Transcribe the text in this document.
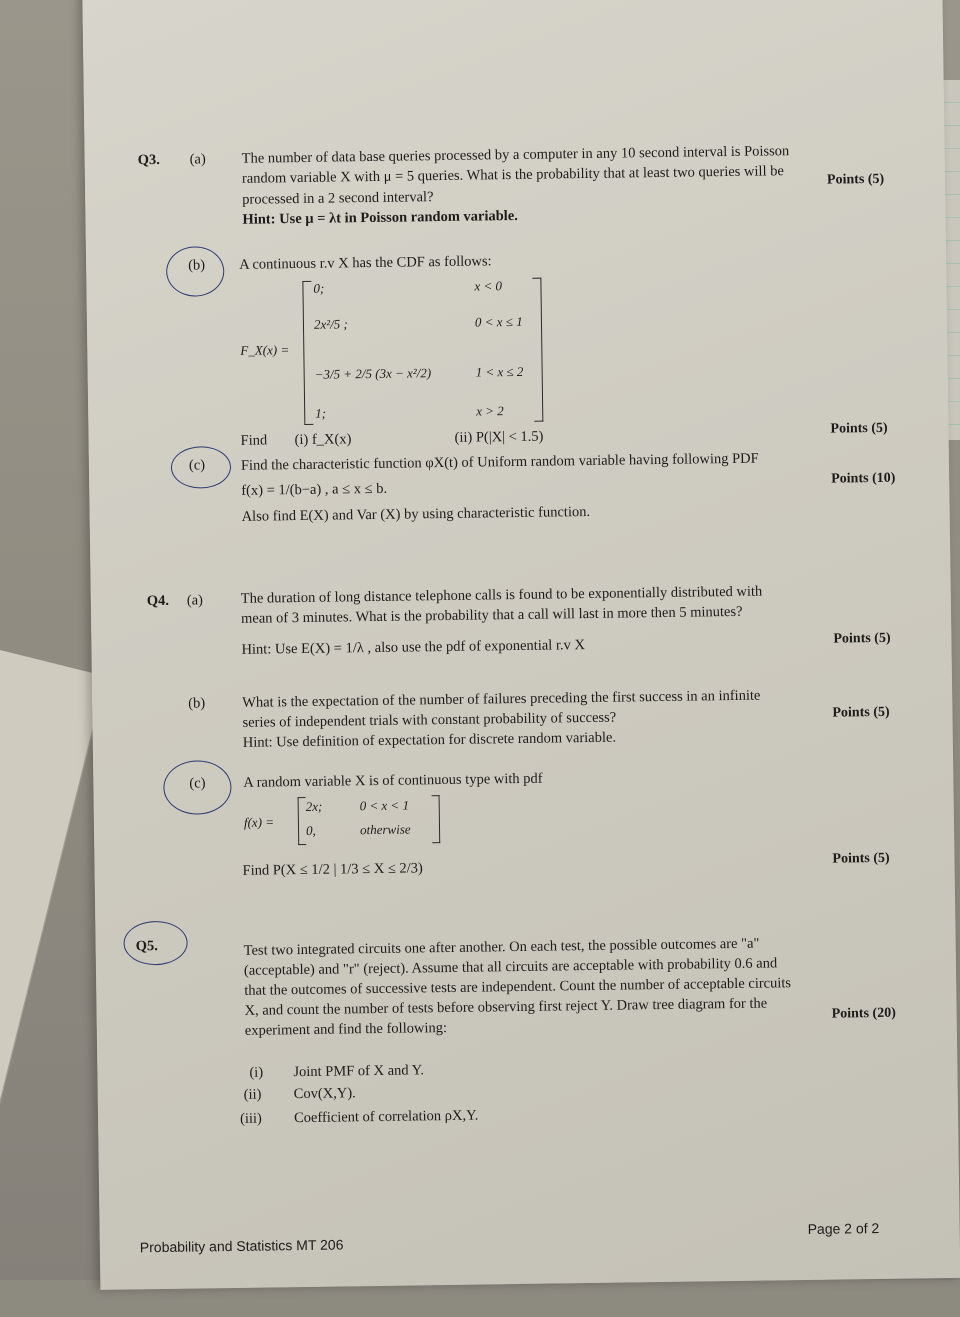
Q3. (a) The number of data base queries processed by a computer in any 10 second interval is Poisson
random variable X with μ = 5 queries. What is the probability that at least two queries will be	Points (5)
processed in a 2 second interval?
Hint: Use μ = λt in Poisson random variable.
(b) A continuous r.v X has the CDF as follows:
F_X(x) =
0;	x < 0
2x²/5 ;	0 < x ≤ 1
−3/5 + 2/5 (3x − x²/2)	1 < x ≤ 2
1;	x > 2
Find (i) f_X(x)	(ii) P(|X| < 1.5)	Points (5)
(c) Find the characteristic function φX(t) of Uniform random variable having following PDF
f(x) = 1/(b−a) , a ≤ x ≤ b.
Points (10)
Also find E(X) and Var (X) by using characteristic function.
Q4. (a)	The duration of long distance telephone calls is found to be exponentially distributed with
mean of 3 minutes. What is the probability that a call will last in more then 5 minutes?
Hint: Use E(X) = 1/λ , also use the pdf of exponential r.v X	Points (5)
(b)	What is the expectation of the number of failures preceding the first success in an infinite
series of independent trials with constant probability of success?	Points (5)
Hint: Use definition of expectation for discrete random variable.
(c)	A random variable X is of continuous type with pdf
f(x) =
2x;	0 < x < 1
0,	otherwise
Find P(X ≤ 1/2 | 1/3 ≤ X ≤ 2/3)
Points (5)
Q5.	Test two integrated circuits one after another. On each test, the possible outcomes are "a"
(acceptable) and "r" (reject). Assume that all circuits are acceptable with probability 0.6 and
that the outcomes of successive tests are independent. Count the number of acceptable circuits
X, and count the number of tests before observing first reject Y. Draw tree diagram for the	Points (20)
experiment and find the following:
(i) Joint PMF of X and Y.
(ii) Cov(X,Y).
(iii) Coefficient of correlation ρX,Y.
Probability and Statistics MT 206
Page 2 of 2
